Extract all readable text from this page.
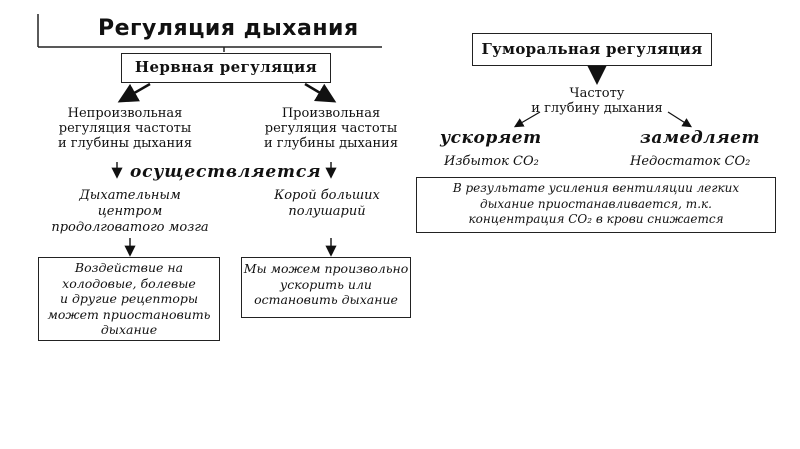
Регуляция дыхания
Нервная регуляция
Непроизвольная
регуляция частоты
и глубины дыхания
Произвольная
регуляция частоты
и глубины дыхания
осуществляется
Дыхательным
центром
продолговатого мозга
Корой больших
полушарий
Воздействие на
холодовые, болевые
и другие рецепторы
может приостановить
дыхание
Мы можем произвольно
ускорить или
остановить дыхание
Гуморальная регуляция
Частоту
и глубину дыхания
ускоряет	замедляет
Избыток CO₂	Недостаток CO₂
В результате усиления вентиляции легких
дыхание приостанавливается, т.к.
концентрация CO₂ в крови снижается
